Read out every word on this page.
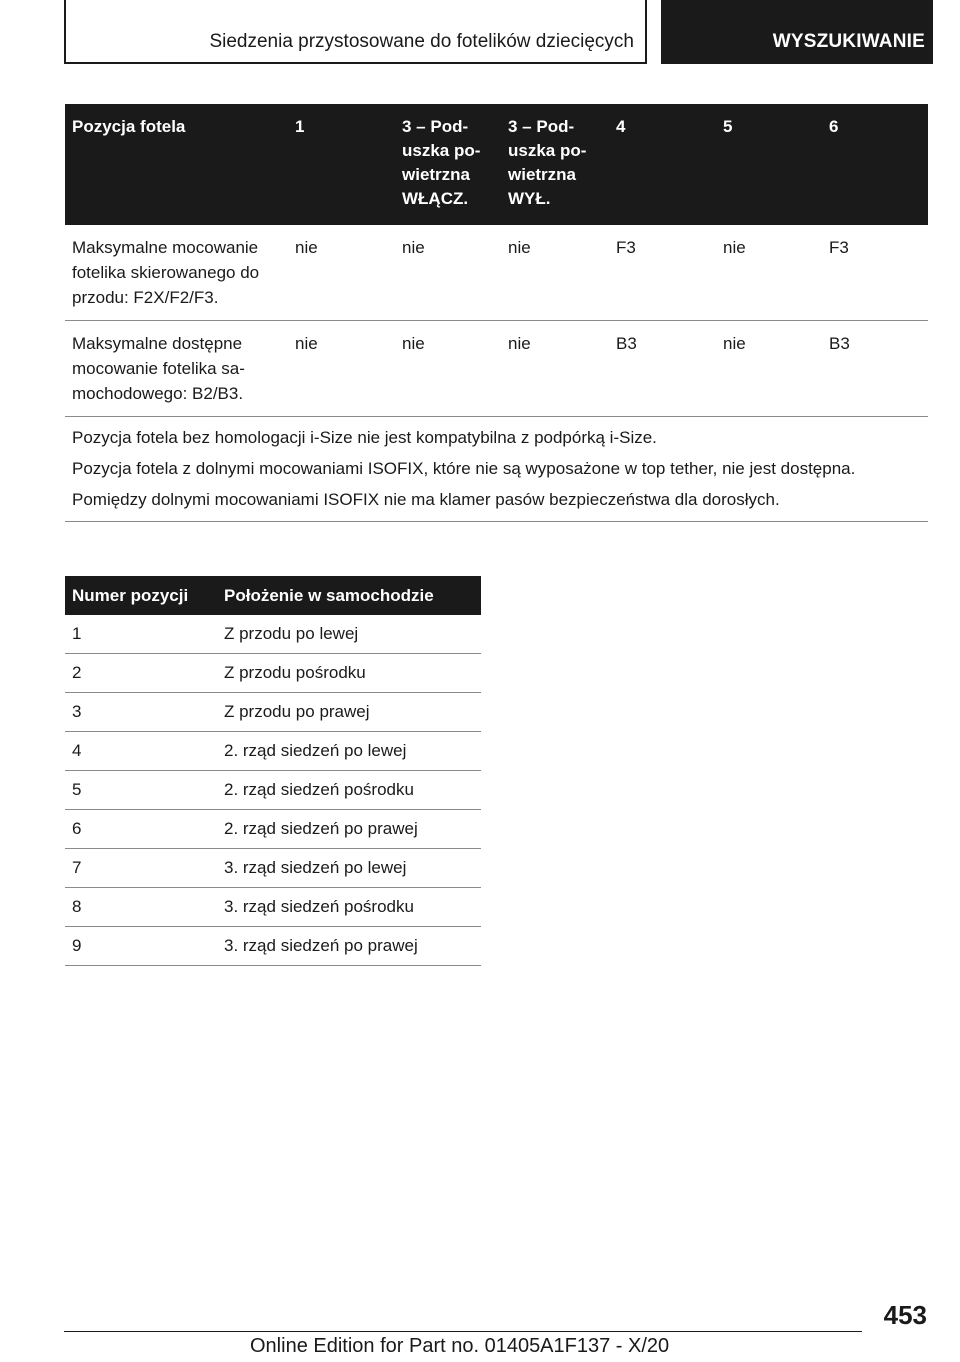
Siedzenia przystosowane do fotelików dziecięcych	WYSZUKIWANIE
Pozycja fotela	1	3 – Poduszka powietrzna WŁĄCZ.	3 – Poduszka powietrzna WYŁ.	4	5	6
Maksymalne mocowanie fotelika skierowanego do przodu: F2X/F2/F3.	nie	nie	nie	F3	nie	F3
Maksymalne dostępne mocowanie fotelika samochodowego: B2/B3.	nie	nie	nie	B3	nie	B3

Pozycja fotela bez homologacji i-Size nie jest kompatybilna z podpórką i-Size.

Pozycja fotela z dolnymi mocowaniami ISOFIX, które nie są wyposażone w top tether, nie jest dostępna.

Pomiędzy dolnymi mocowaniami ISOFIX nie ma klamer pasów bezpieczeństwa dla dorosłych.						

Numer pozycji	Położenie w samochodzie
1	Z przodu po lewej
2	Z przodu pośrodku
3	Z przodu po prawej
4	2. rząd siedzeń po lewej
5	2. rząd siedzeń pośrodku
6	2. rząd siedzeń po prawej
7	3. rząd siedzeń po lewej
8	3. rząd siedzeń pośrodku
9	3. rząd siedzeń po prawej
453
Online Edition for Part no. 01405A1F137 - X/20
